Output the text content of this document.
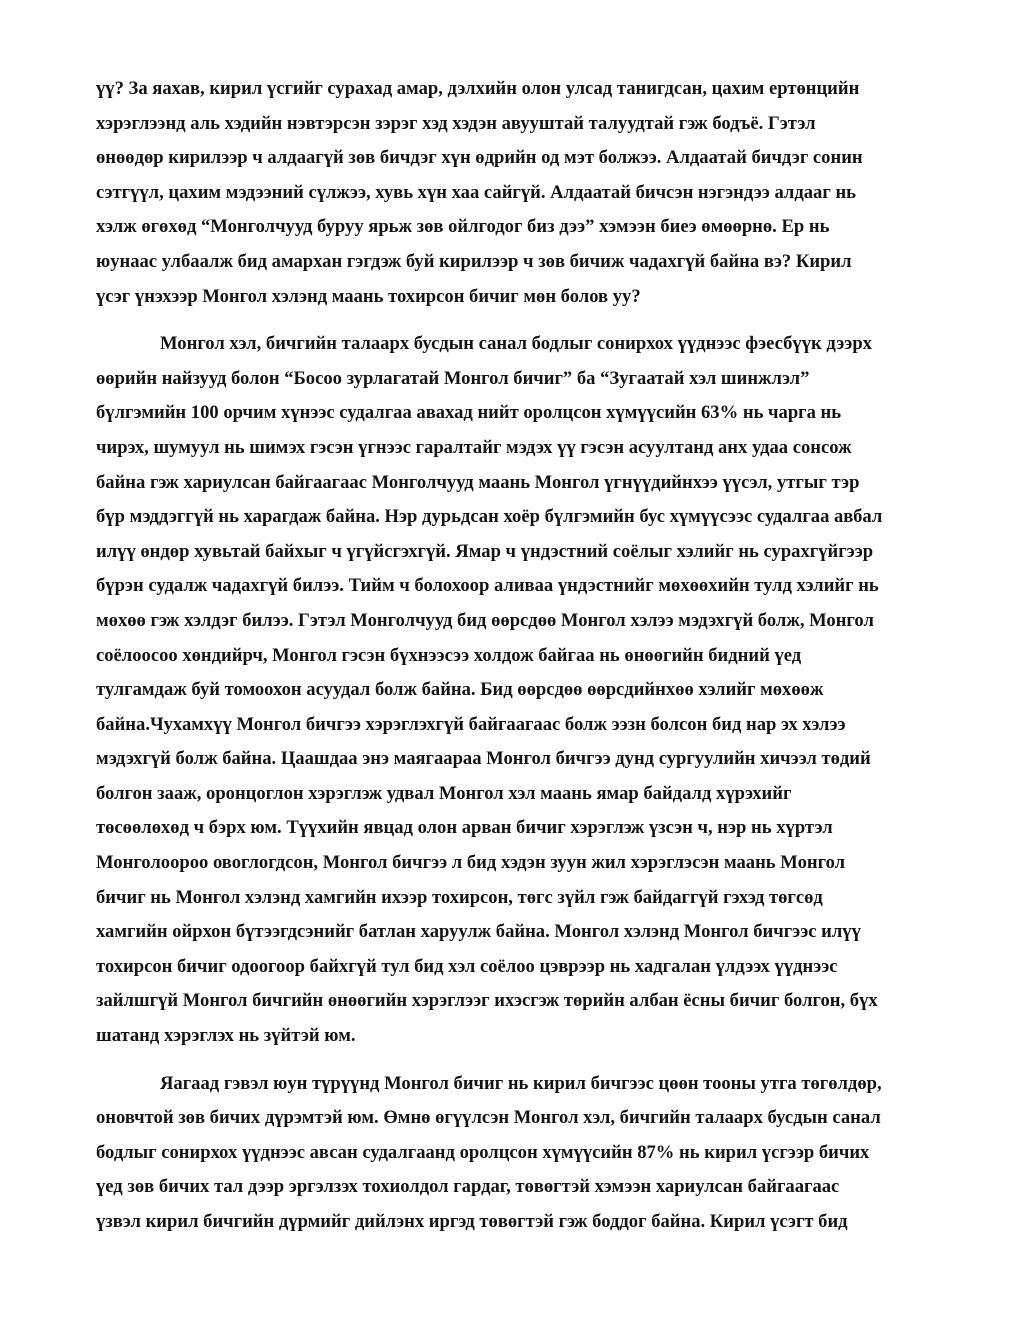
үү? За яахав, кирил үсгийг сурахад амар, дэлхийн олон улсад танигдсан, цахим ертөнцийн
хэрэглээнд аль хэдийн нэвтэрсэн зэрэг хэд хэдэн авууштай талуудтай гэж бодъё. Гэтэл
өнөөдөр кирилээр ч алдаагүй зөв бичдэг хүн өдрийн од мэт болжээ. Алдаатай бичдэг сонин
сэтгүүл, цахим мэдээний сүлжээ, хувь хүн хаа сайгүй. Алдаатай бичсэн нэгэндээ алдааг нь
хэлж өгөхөд “Монголчууд буруу ярьж зөв ойлгодог биз дээ” хэмээн биеэ өмөөрнө. Ер нь
юунаас улбаалж бид амархан гэгдэж буй кирилээр ч зөв бичиж чадахгүй байна вэ? Кирил
үсэг үнэхээр Монгол хэлэнд маань тохирсон бичиг мөн болов уу?

Монгол хэл, бичгийн талаарх бусдын санал бодлыг сонирхох үүднээс фэесбүүк дээрх
өөрийн найзууд болон “Босоо зурлагатай Монгол бичиг” ба “Зугаатай хэл шинжлэл”
бүлгэмийн 100 орчим хүнээс судалгаа авахад нийт оролцсон хүмүүсийн 63% нь чарга нь
чирэх, шумуул нь шимэх гэсэн үгнээс гаралтайг мэдэх үү гэсэн асуултанд анх удаа сонсож
байна гэж хариулсан байгаагаас Монголчууд маань Монгол үгнүүдийнхээ үүсэл, утгыг тэр
бүр мэддэггүй нь харагдаж байна. Нэр дурьдсан хоёр бүлгэмийн бус хүмүүсээс судалгаа авбал
илүү өндөр хувьтай байхыг ч үгүйсгэхгүй. Ямар ч үндэстний соёлыг хэлийг нь сурахгүйгээр
бүрэн судалж чадахгүй билээ. Тийм ч болохоор аливаа үндэстнийг мөхөөхийн тулд хэлийг нь
мөхөө гэж хэлдэг билээ. Гэтэл Монголчууд бид өөрсдөө Монгол хэлээ мэдэхгүй болж, Монгол
соёлоосоо хөндийрч, Монгол гэсэн бүхнээсээ холдож байгаа нь өнөөгийн бидний үед
тулгамдаж буй томоохон асуудал болж байна. Бид өөрсдөө өөрсдийнхөө хэлийг мөхөөж
байна.Чухамхүү Монгол бичгээ хэрэглэхгүй байгаагаас болж ээзн болсон бид нар эх хэлээ
мэдэхгүй болж байна. Цаашдаа энэ маягаараа Монгол бичгээ дунд сургуулийн хичээл төдий
болгон зааж, оронцоглон хэрэглэж удвал Монгол хэл маань ямар байдалд хүрэхийг
төсөөлөхөд ч бэрх юм. Түүхийн явцад олон арван бичиг хэрэглэж үзсэн ч, нэр нь хүртэл
Монголоороо овоглогдсон, Монгол бичгээ л бид хэдэн зуун жил хэрэглэсэн маань Монгол
бичиг нь Монгол хэлэнд хамгийн ихээр тохирсон, төгс зүйл гэж байдаггүй гэхэд төгсөд
хамгийн ойрхон бүтээгдсэнийг батлан харуулж байна. Монгол хэлэнд Монгол бичгээс илүү
тохирсон бичиг одоогоор байхгүй тул бид хэл соёлоо цэврээр нь хадгалан үлдээх үүднээс
зайлшгүй Монгол бичгийн өнөөгийн хэрэглээг ихэсгэж төрийн албан ёсны бичиг болгон, бүх
шатанд хэрэглэх нь зүйтэй юм.

Яагаад гэвэл юун түрүүнд Монгол бичиг нь кирил бичгээс цөөн тооны утга төгөлдөр,
оновчтой зөв бичих дүрэмтэй юм. Өмнө өгүүлсэн Монгол хэл, бичгийн талаарх бусдын санал
бодлыг сонирхох үүднээс авсан судалгаанд оролцсон хүмүүсийн 87% нь кирил үсгээр бичих
үед зөв бичих тал дээр эргэлзэх тохиолдол гардаг, төвөгтэй хэмээн хариулсан байгаагаас
үзвэл кирил бичгийн дүрмийг дийлэнх иргэд төвөгтэй гэж боддог байна. Кирил үсэгт бид
